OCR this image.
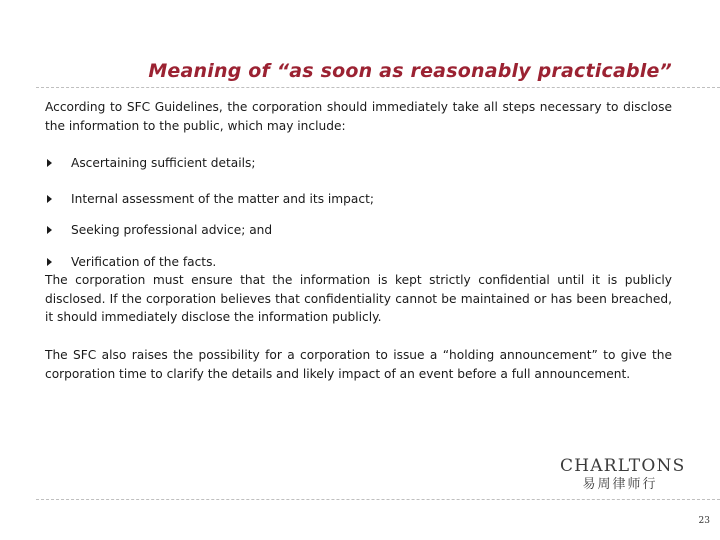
Meaning of “as soon as reasonably practicable”
According to SFC Guidelines, the corporation should immediately take all steps necessary to disclose the information to the public, which may include:
Ascertaining sufficient details;
Internal assessment of the matter and its impact;
Seeking professional advice; and
Verification of the facts.
The corporation must ensure that the information is kept strictly confidential until it is publicly disclosed. If the corporation believes that confidentiality cannot be maintained or has been breached, it should immediately disclose the information publicly.
The SFC also raises the possibility for a corporation to issue a “holding announcement” to give the corporation time to clarify the details and likely impact of an event before a full announcement.
CHARLTONS
易周律师行
23
